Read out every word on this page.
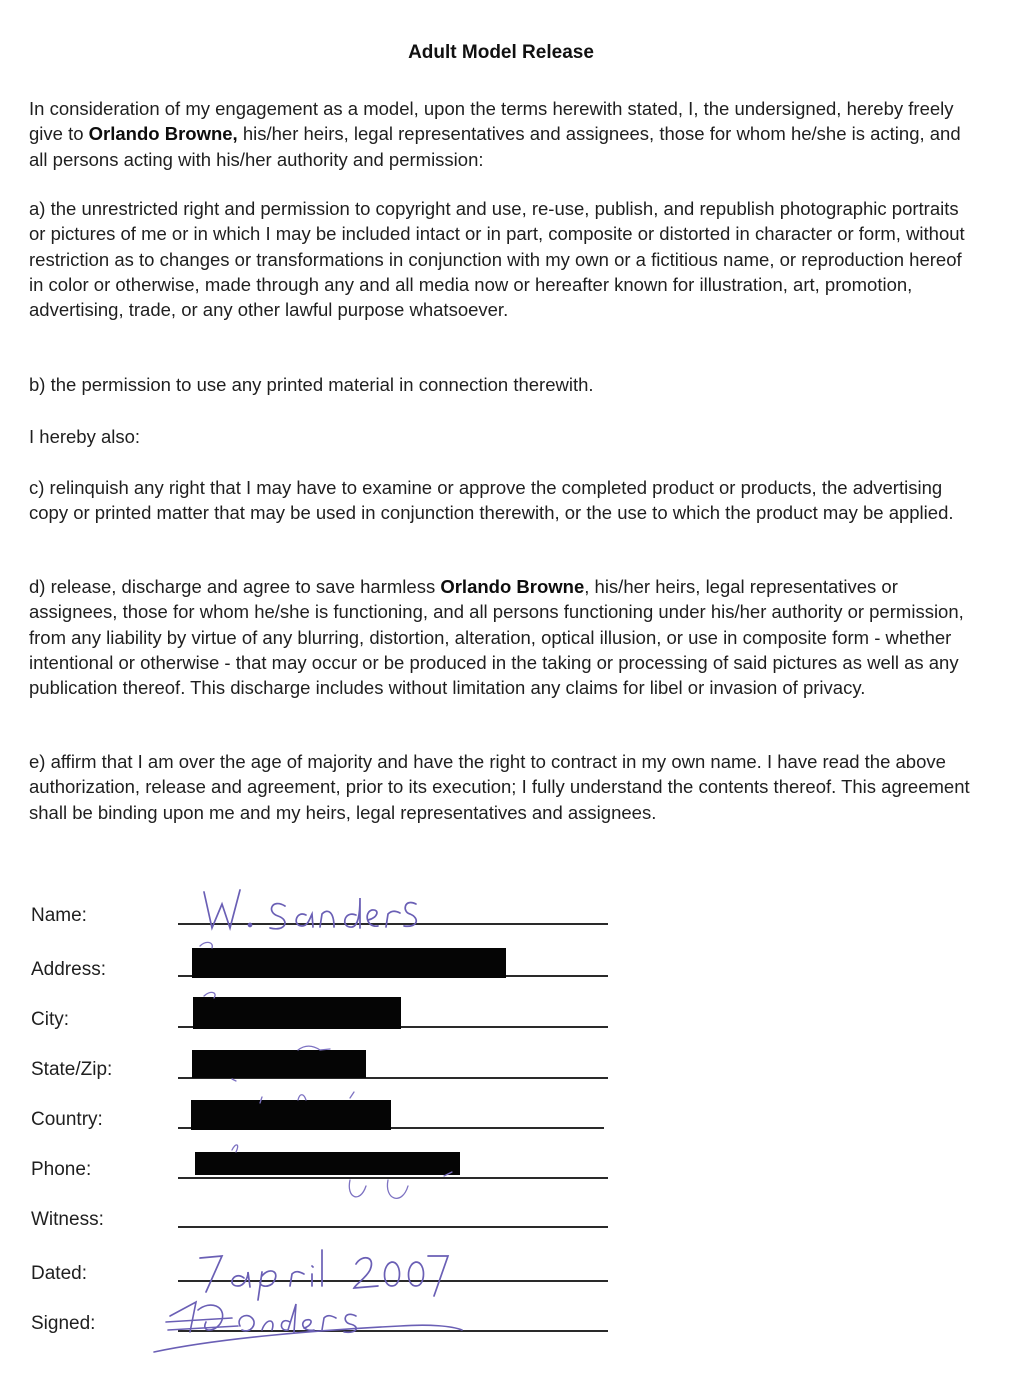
Adult Model Release
In consideration of my engagement as a model, upon the terms herewith stated, I, the undersigned, hereby freely give to Orlando Browne, his/her heirs, legal representatives and assignees, those for whom he/she is acting, and all persons acting with his/her authority and permission:
a) the unrestricted right and permission to copyright and use, re-use, publish, and republish photographic portraits or pictures of me or in which I may be included intact or in part, composite or distorted in character or form, without restriction as to changes or transformations in conjunction with my own or a fictitious name, or reproduction hereof in color or otherwise, made through any and all media now or hereafter known for illustration, art, promotion, advertising, trade, or any other lawful purpose whatsoever.
b) the permission to use any printed material in connection therewith.
I hereby also:
c) relinquish any right that I may have to examine or approve the completed product or products, the advertising copy or printed matter that may be used in conjunction therewith, or the use to which the product may be applied.
d) release, discharge and agree to save harmless Orlando Browne, his/her heirs, legal representatives or assignees, those for whom he/she is functioning, and all persons functioning under his/her authority or permission, from any liability by virtue of any blurring, distortion, alteration, optical illusion, or use in composite form - whether intentional or otherwise - that may occur or be produced in the taking or processing of said pictures as well as any publication thereof. This discharge includes without limitation any claims for libel or invasion of privacy.
e) affirm that I am over the age of majority and have the right to contract in my own name. I have read the above authorization, release and agreement, prior to its execution; I fully understand the contents thereof. This agreement shall be binding upon me and my heirs, legal representatives and assignees.
Name:
Address:
City:
State/Zip:
Country:
Phone:
Witness:
Dated:
Signed:
